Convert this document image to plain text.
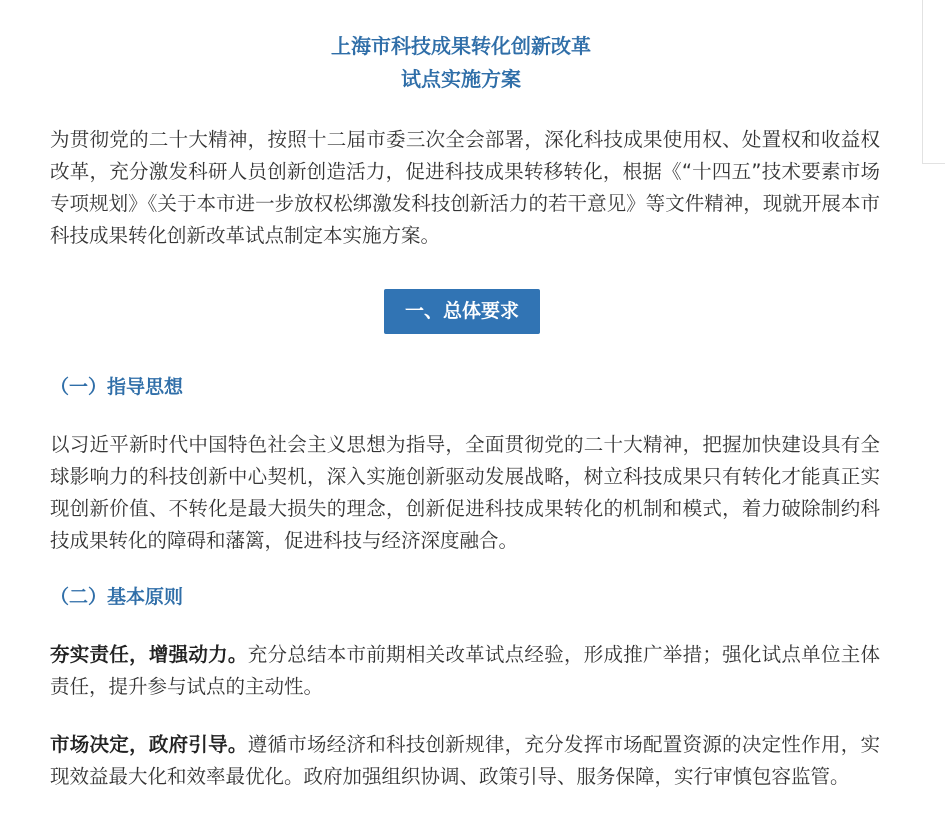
上海市科技成果转化创新改革
试点实施方案

为贯彻党的二十大精神，按照十二届市委三次全会部署，深化科技成果使用权、处置权和收益权改革，充分激发科研人员创新创造活力，促进科技成果转移转化，根据《“十四五”技术要素市场专项规划》《关于本市进一步放权松绑激发科技创新活力的若干意见》等文件精神，现就开展本市科技成果转化创新改革试点制定本实施方案。

一、总体要求
（一）指导思想

以习近平新时代中国特色社会主义思想为指导，全面贯彻党的二十大精神，把握加快建设具有全球影响力的科技创新中心契机，深入实施创新驱动发展战略，树立科技成果只有转化才能真正实现创新价值、不转化是最大损失的理念，创新促进科技成果转化的机制和模式，着力破除制约科技成果转化的障碍和藩篱，促进科技与经济深度融合。

（二）基本原则

夯实责任，增强动力。充分总结本市前期相关改革试点经验，形成推广举措；强化试点单位主体责任，提升参与试点的主动性。

市场决定，政府引导。遵循市场经济和科技创新规律，充分发挥市场配置资源的决定性作用，实现效益最大化和效率最优化。政府加强组织协调、政策引导、服务保障，实行审慎包容监管。
